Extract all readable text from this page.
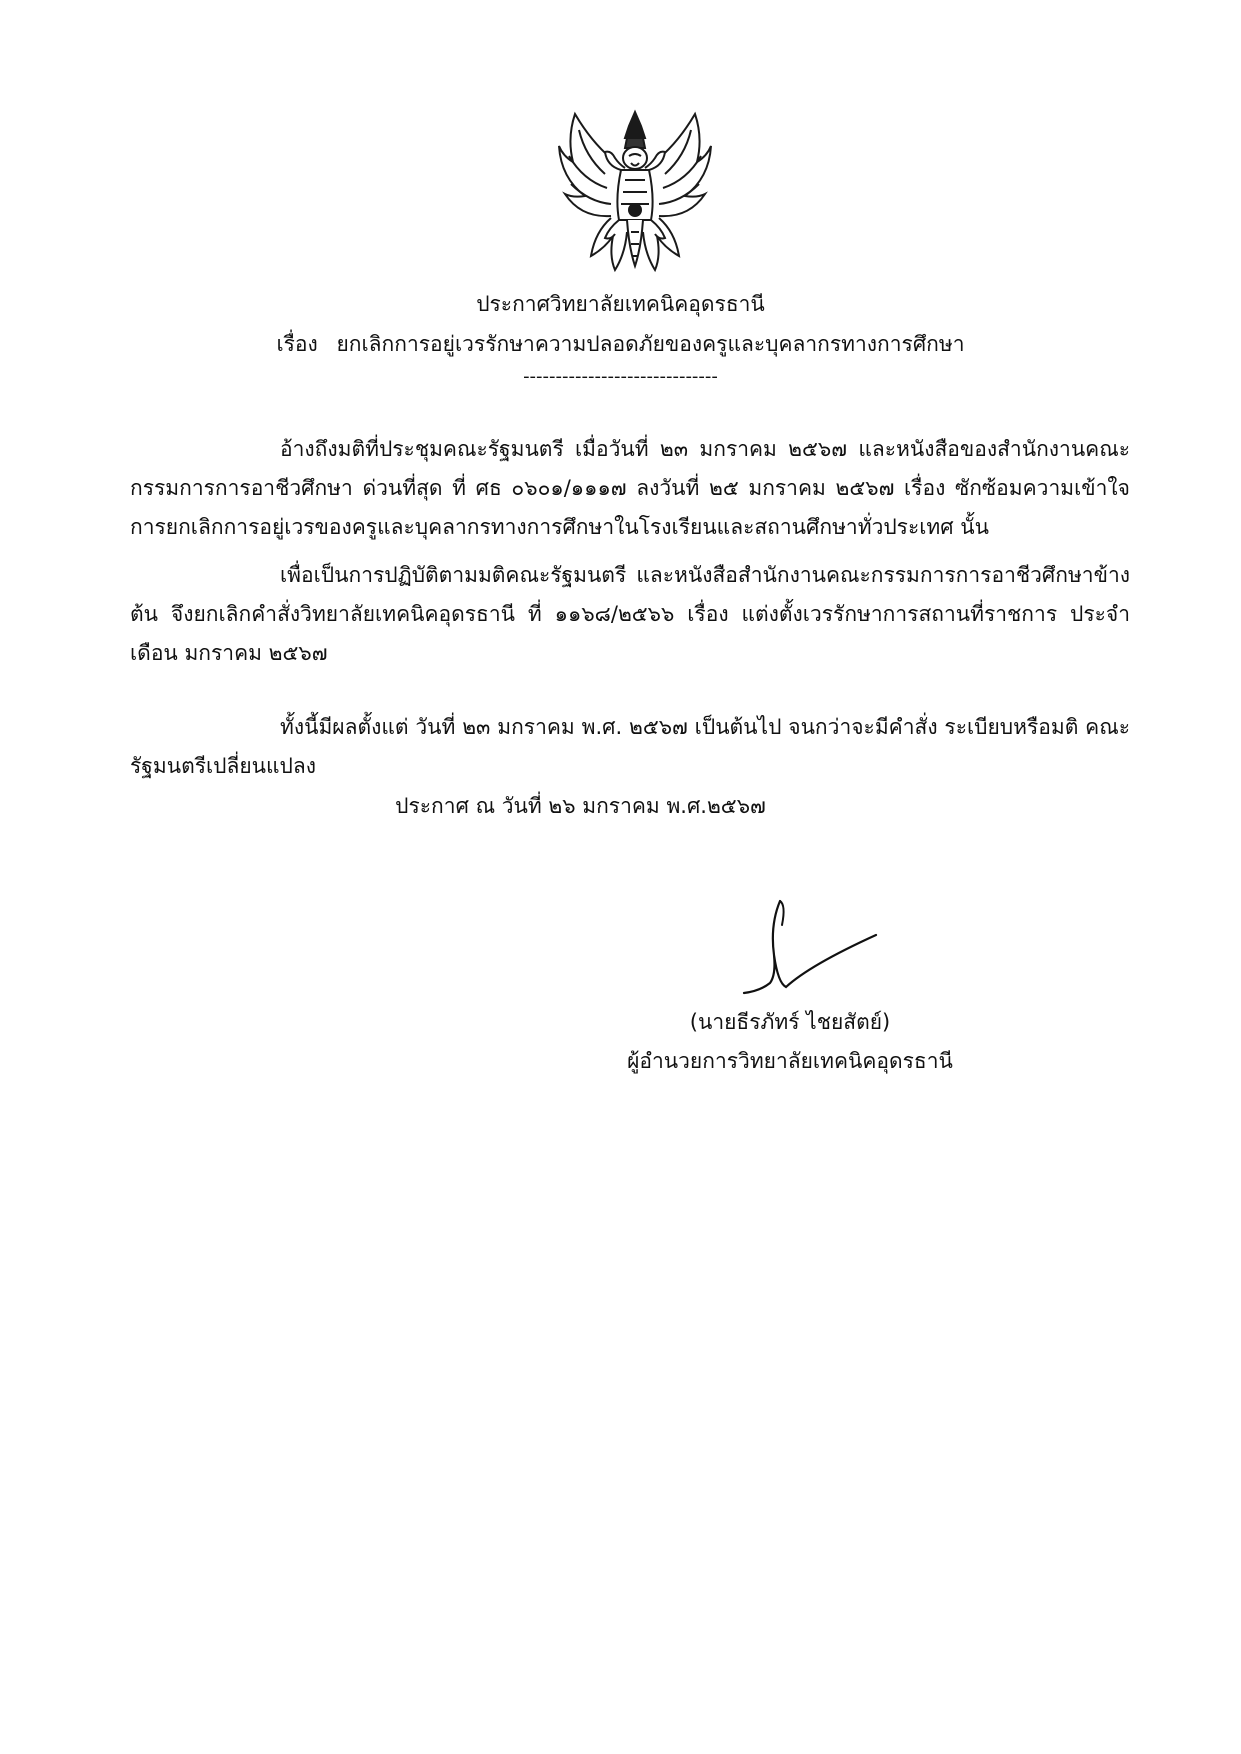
ประกาศวิทยาลัยเทคนิคอุดรธานี
เรื่อง ยกเลิกการอยู่เวรรักษาความปลอดภัยของครูและบุคลากรทางการศึกษา
------------------------------

อ้างถึงมติที่ประชุมคณะรัฐมนตรี เมื่อวันที่ ๒๓ มกราคม ๒๕๖๗ และหนังสือของสำนักงานคณะกรรมการการอาชีวศึกษา ด่วนที่สุด ที่ ศธ ๐๖๐๑/๑๑๑๗ ลงวันที่ ๒๕ มกราคม ๒๕๖๗ เรื่อง ซักซ้อมความเข้าใจการยกเลิกการอยู่เวรของครูและบุคลากรทางการศึกษาในโรงเรียนและสถานศึกษาทั่วประเทศ นั้น

เพื่อเป็นการปฏิบัติตามมติคณะรัฐมนตรี และหนังสือสำนักงานคณะกรรมการการอาชีวศึกษาข้างต้น จึงยกเลิกคำสั่งวิทยาลัยเทคนิคอุดรธานี ที่ ๑๑๖๘/๒๕๖๖ เรื่อง แต่งตั้งเวรรักษาการสถานที่ราชการ ประจำเดือน มกราคม ๒๕๖๗

ทั้งนี้มีผลตั้งแต่ วันที่ ๒๓ มกราคม พ.ศ. ๒๕๖๗ เป็นต้นไป จนกว่าจะมีคำสั่ง ระเบียบหรือมติ คณะรัฐมนตรีเปลี่ยนแปลง

ประกาศ ณ วันที่ ๒๖ มกราคม พ.ศ.๒๕๖๗
(นายธีรภัทร์ ไชยสัตย์)
ผู้อำนวยการวิทยาลัยเทคนิคอุดรธานี
